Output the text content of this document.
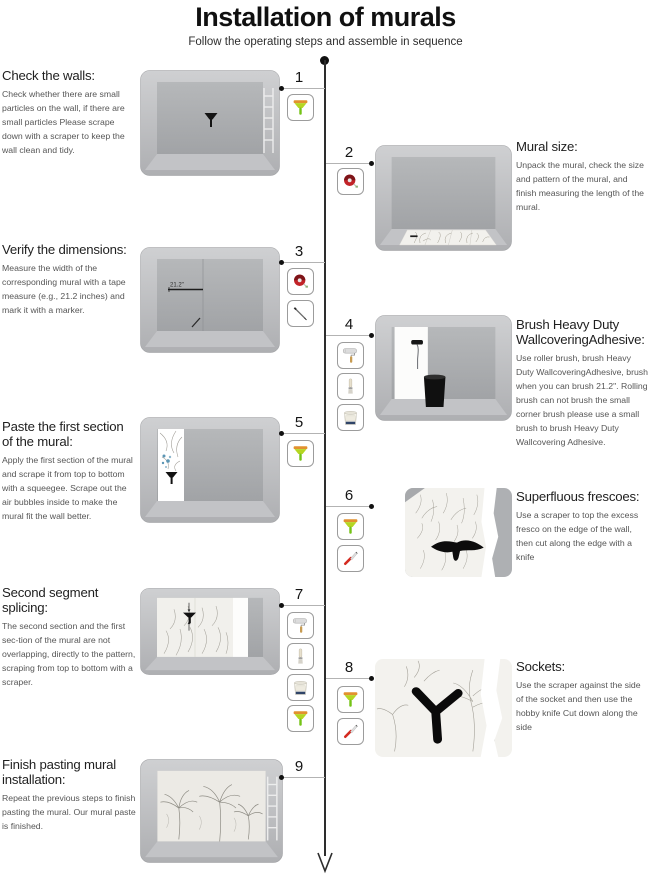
Installation of murals

Follow the operating steps and assemble in sequence

Check the walls:

Check whether there are small particles on the wall, if there are small particles Please scrape down with a scraper to keep the wall clean and tidy.

1
Mural size:

Unpack the mural, check the size and pattern of the mural, and finish measuring the length of the mural.

2
Verify the dimensions:

Measure the width of the corresponding mural with a tape measure (e.g., 21.2 inches) and mark it with a marker.

21.2"
3
Brush Heavy Duty WallcoveringAdhesive:

Use roller brush, brush Heavy Duty WallcoveringAdhesive, brush when you can brush 21.2". Rolling brush can not brush the small corner brush please use a small brush to brush Heavy Duty Wallcovering Adhesive.

4
Paste the first section of the mural:

Apply the first section of the mural and scrape it from top to bottom with a squeegee. Scrape out the air bubbles inside to make the mural fit the wall better.

5
Superfluous frescoes:

Use a scraper to top the excess fresco on the edge of the wall, then cut along the edge with a knife

6
Second segment splicing:

The second section and the first sec-tion of the mural are not overlapping, directly to the pattern, scraping from top to bottom with a scraper.

7
Sockets:

Use the scraper against the side of the socket and then use the hobby knife Cut down along the side

8
Finish pasting mural installation:

Repeat the previous steps to finish pasting the mural. Our mural paste is finished.

9
